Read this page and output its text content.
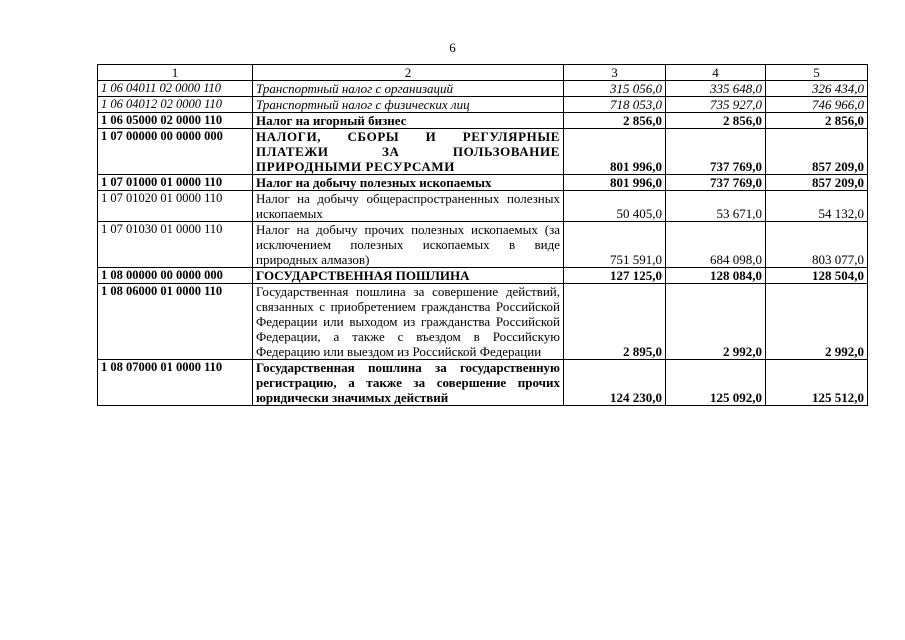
6
1	2	3	4	5
1 06 04011 02 0000 110	Транспортный налог с организаций	315 056,0	335 648,0	326 434,0
1 06 04012 02 0000 110	Транспортный налог с физических лиц	718 053,0	735 927,0	746 966,0
1 06 05000 02 0000 110	Налог на игорный бизнес	2 856,0	2 856,0	2 856,0
1 07 00000 00 0000 000	НАЛОГИ, СБОРЫ И РЕГУЛЯРНЫЕ ПЛАТЕЖИ ЗА ПОЛЬЗОВАНИЕ ПРИРОДНЫМИ РЕСУРСАМИ	801 996,0	737 769,0	857 209,0
1 07 01000 01 0000 110	Налог на добычу полезных ископаемых	801 996,0	737 769,0	857 209,0
1 07 01020 01 0000 110	Налог на добычу общераспространенных полезных ископаемых	50 405,0	53 671,0	54 132,0
1 07 01030 01 0000 110	Налог на добычу прочих полезных ископаемых (за исключением полезных ископаемых в виде природных алмазов)	751 591,0	684 098,0	803 077,0
1 08 00000 00 0000 000	ГОСУДАРСТВЕННАЯ ПОШЛИНА	127 125,0	128 084,0	128 504,0
1 08 06000 01 0000 110	Государственная пошлина за совершение действий, связанных с приобретением гражданства Российской Федерации или выходом из гражданства Российской Федерации, а также с въездом в Российскую Федерацию или выездом из Российской Федерации	2 895,0	2 992,0	2 992,0
1 08 07000 01 0000 110	Государственная пошлина за государственную регистрацию, а также за совершение прочих юридически значимых действий	124 230,0	125 092,0	125 512,0
